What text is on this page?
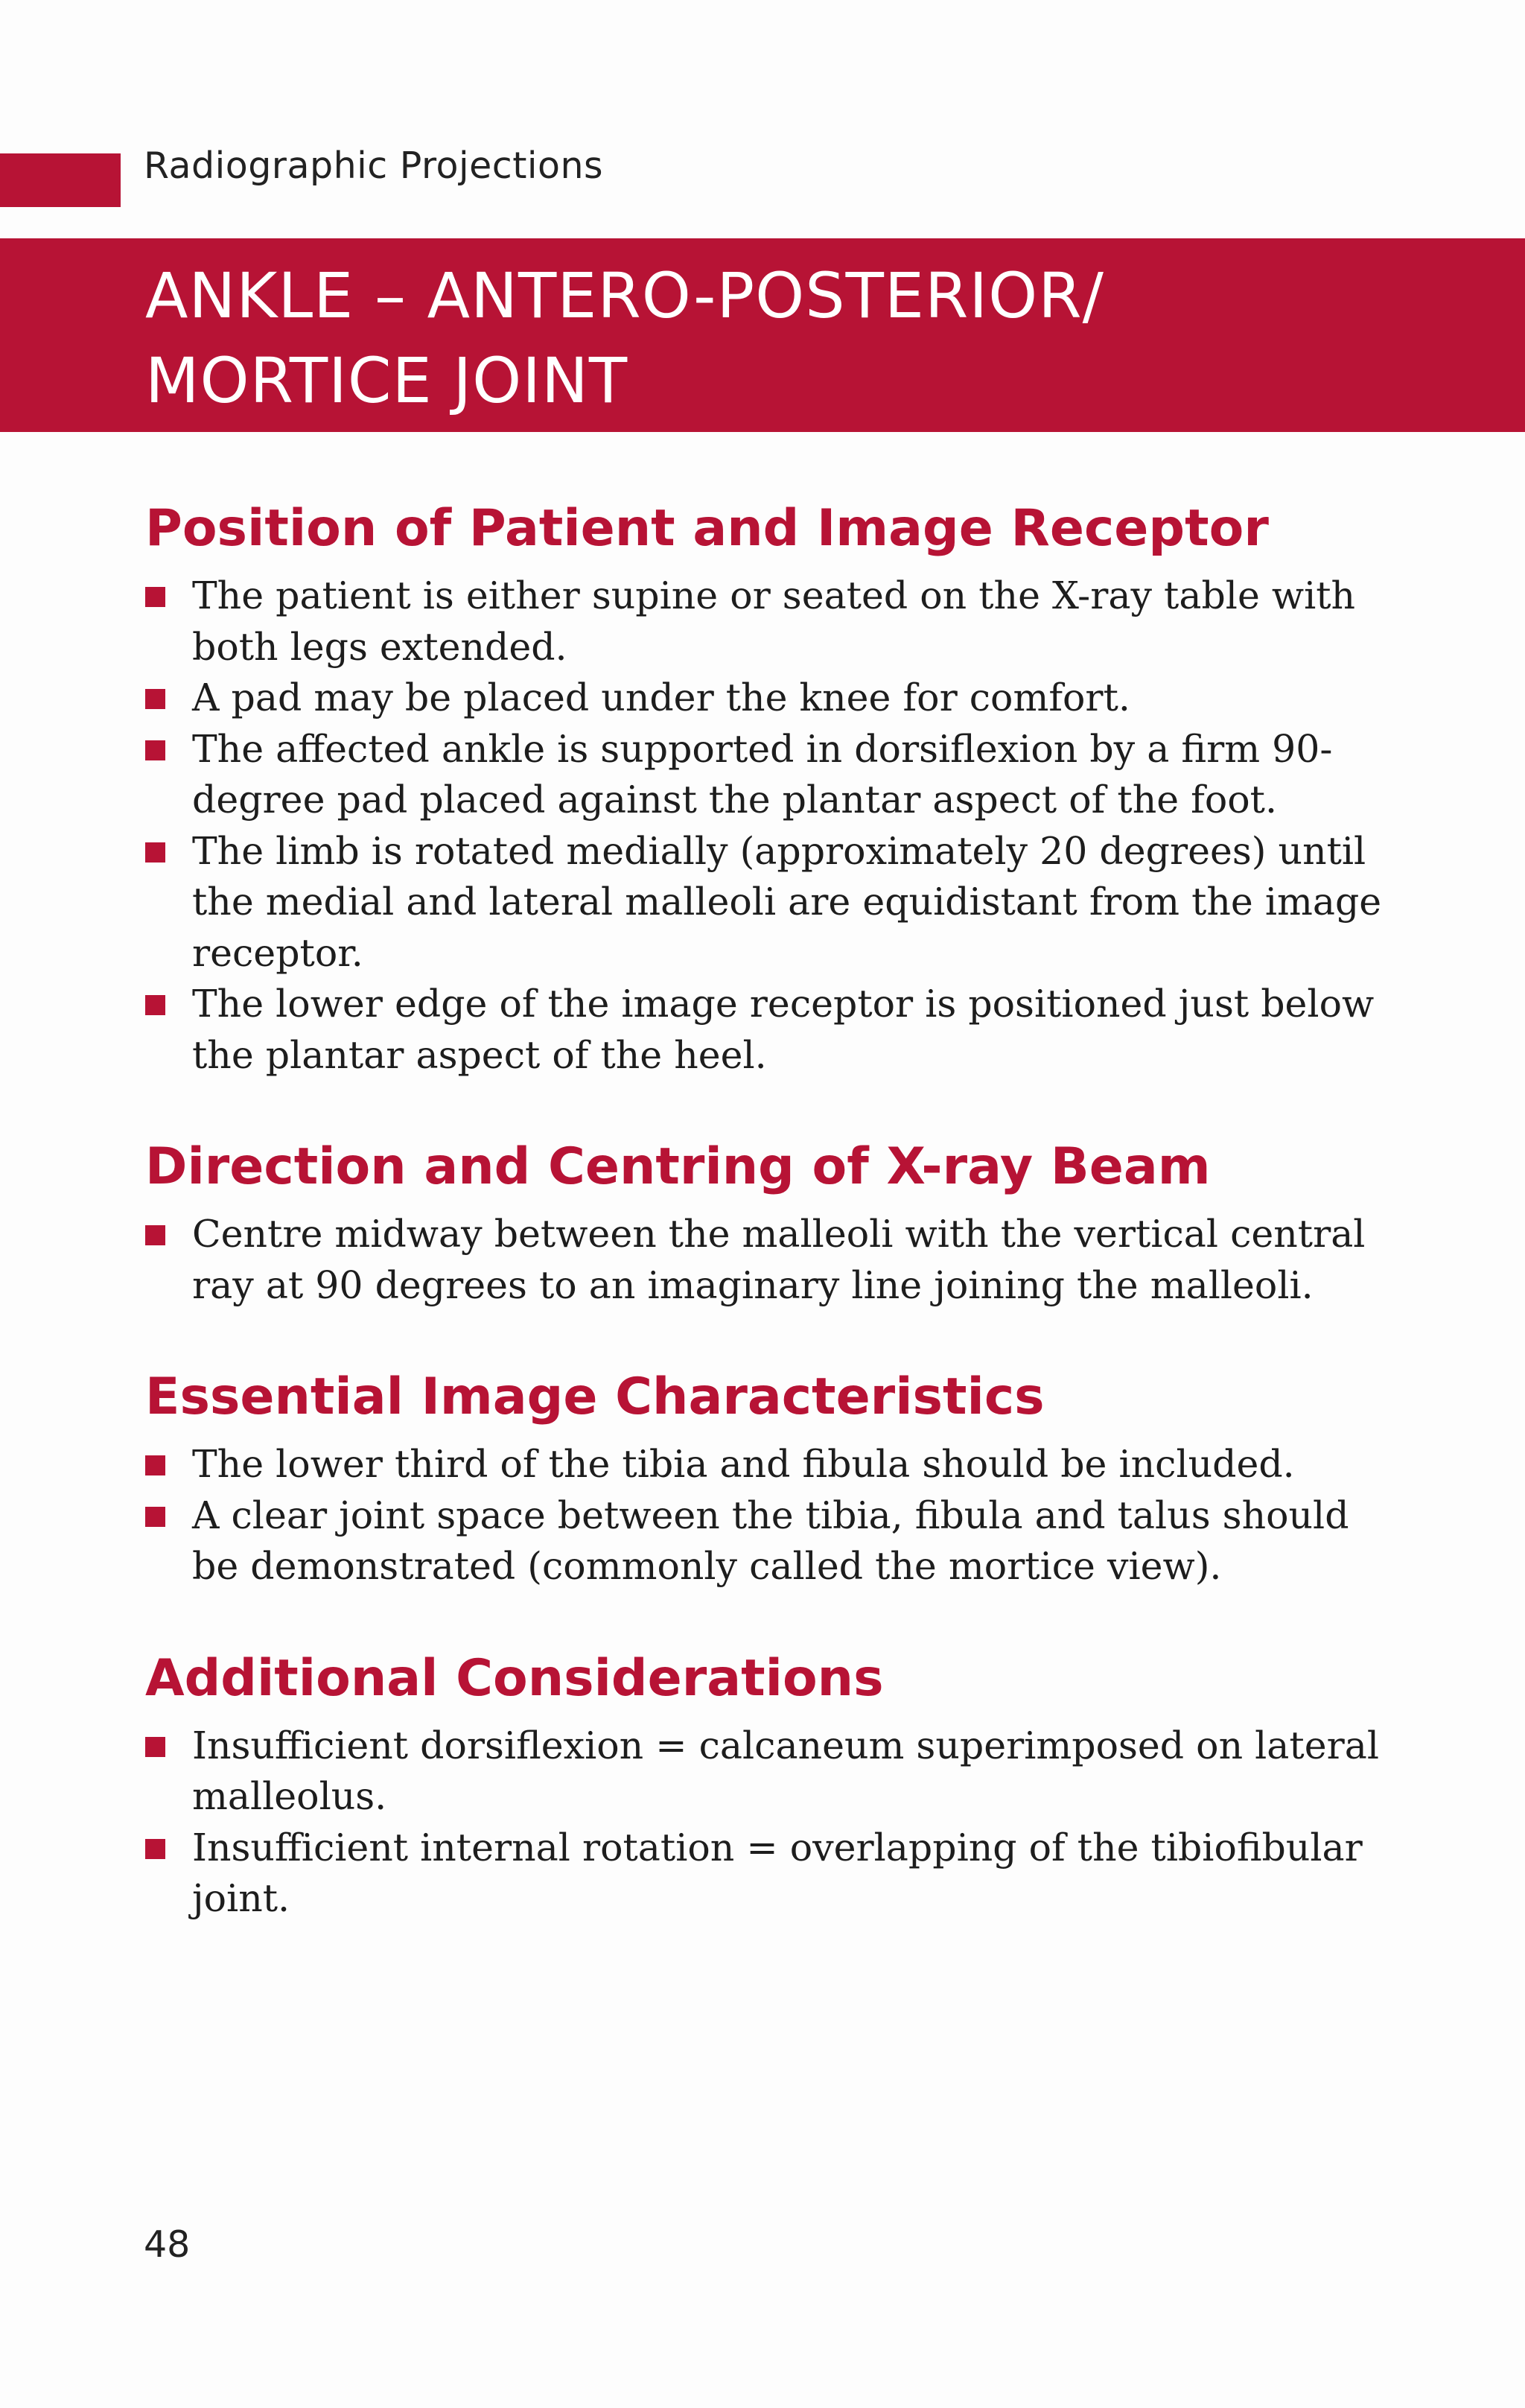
Radiographic Projections
ANKLE – ANTERO-POSTERIOR/
MORTICE JOINT
Position of Patient and Image Receptor
The patient is either supine or seated on the X-ray table with both legs extended.
A pad may be placed under the knee for comfort.
The affected ankle is supported in dorsiflexion by a firm 90-degree pad placed against the plantar aspect of the foot.
The limb is rotated medially (approximately 20 degrees) until the medial and lateral malleoli are equidistant from the image receptor.
The lower edge of the image receptor is positioned just below the plantar aspect of the heel.
Direction and Centring of X-ray Beam
Centre midway between the malleoli with the vertical central ray at 90 degrees to an imaginary line joining the malleoli.
Essential Image Characteristics
The lower third of the tibia and fibula should be included.
A clear joint space between the tibia, fibula and talus should be demonstrated (commonly called the mortice view).
Additional Considerations
Insufficient dorsiflexion = calcaneum superimposed on lateral malleolus.
Insufficient internal rotation = overlapping of the tibiofibular joint.
48
